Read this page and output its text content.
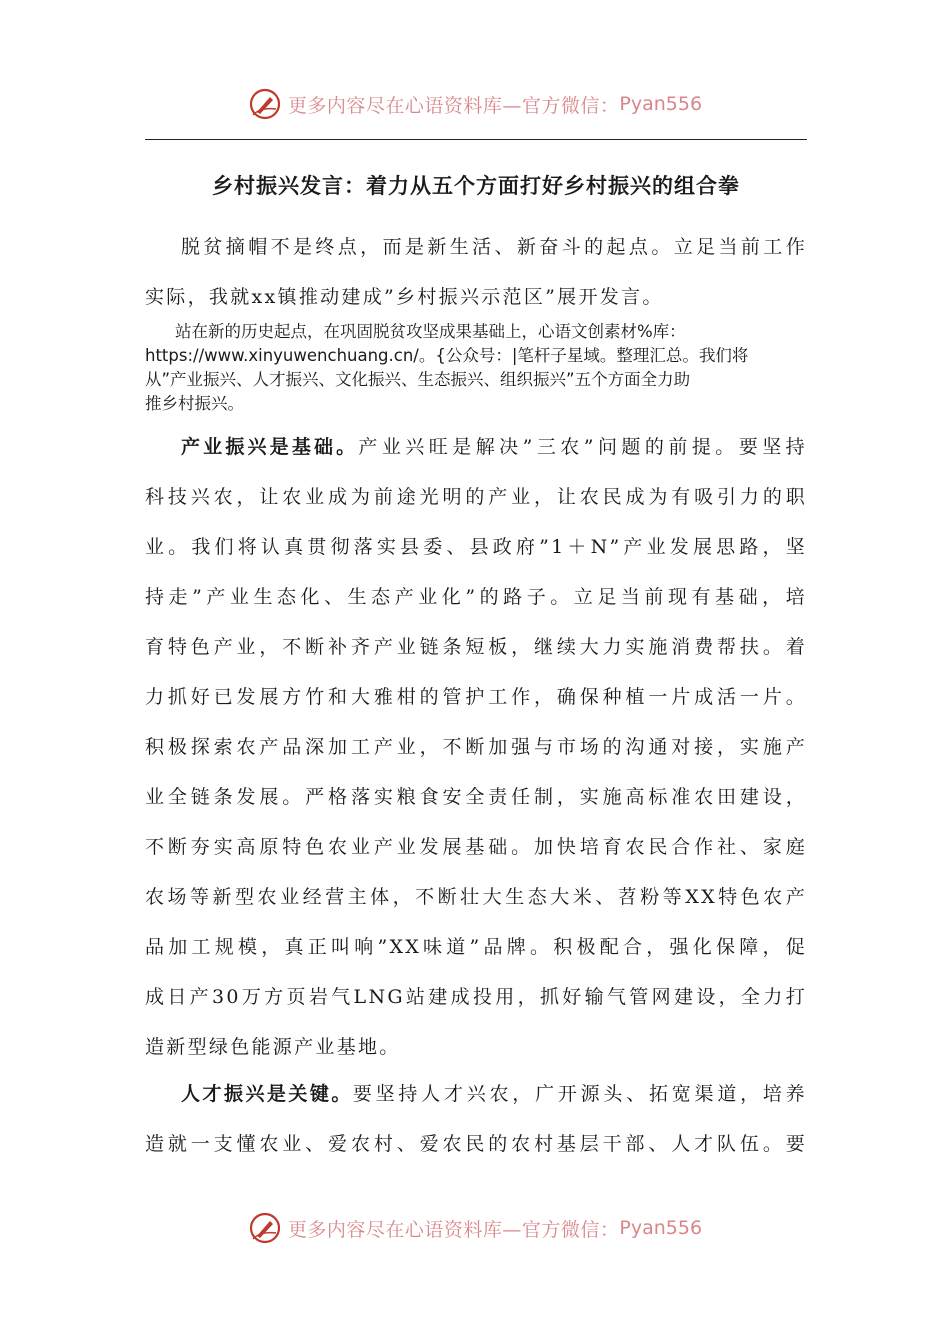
更多内容尽在心语资料库—官方微信： Pyan556
乡村振兴发言：着力从五个方面打好乡村振兴的组合拳
脱贫摘帽不是终点，而是新生活、新奋斗的起点。立足当前工作
实际，我就xx镇推动建成”乡村振兴示范区”展开发言。
站在新的历史起点，在巩固脱贫攻坚成果基础上，心语文创素材%库：
https://www.xinyuwenchuang.cn/。{公众号：|笔杆子星域。整理汇总。我们将
从”产业振兴、人才振兴、文化振兴、生态振兴、组织振兴”五个方面全力助
推乡村振兴。
产业振兴是基础。产业兴旺是解决”三农”问题的前提。要坚持
科技兴农，让农业成为前途光明的产业，让农民成为有吸引力的职
业。我们将认真贯彻落实县委、县政府”1＋N”产业发展思路，坚
持走”产业生态化、生态产业化”的路子。立足当前现有基础，培
育特色产业，不断补齐产业链条短板，继续大力实施消费帮扶。着
力抓好已发展方竹和大雅柑的管护工作，确保种植一片成活一片。
积极探索农产品深加工产业，不断加强与市场的沟通对接，实施产
业全链条发展。严格落实粮食安全责任制，实施高标准农田建设，
不断夯实高原特色农业产业发展基础。加快培育农民合作社、家庭
农场等新型农业经营主体，不断壮大生态大米、苕粉等XX特色农产
品加工规模，真正叫响”XX味道”品牌。积极配合，强化保障，促
成日产30万方页岩气LNG站建成投用，抓好输气管网建设，全力打
造新型绿色能源产业基地。
人才振兴是关键。要坚持人才兴农，广开源头、拓宽渠道，培养
造就一支懂农业、爱农村、爱农民的农村基层干部、人才队伍。要
更多内容尽在心语资料库—官方微信： Pyan556
